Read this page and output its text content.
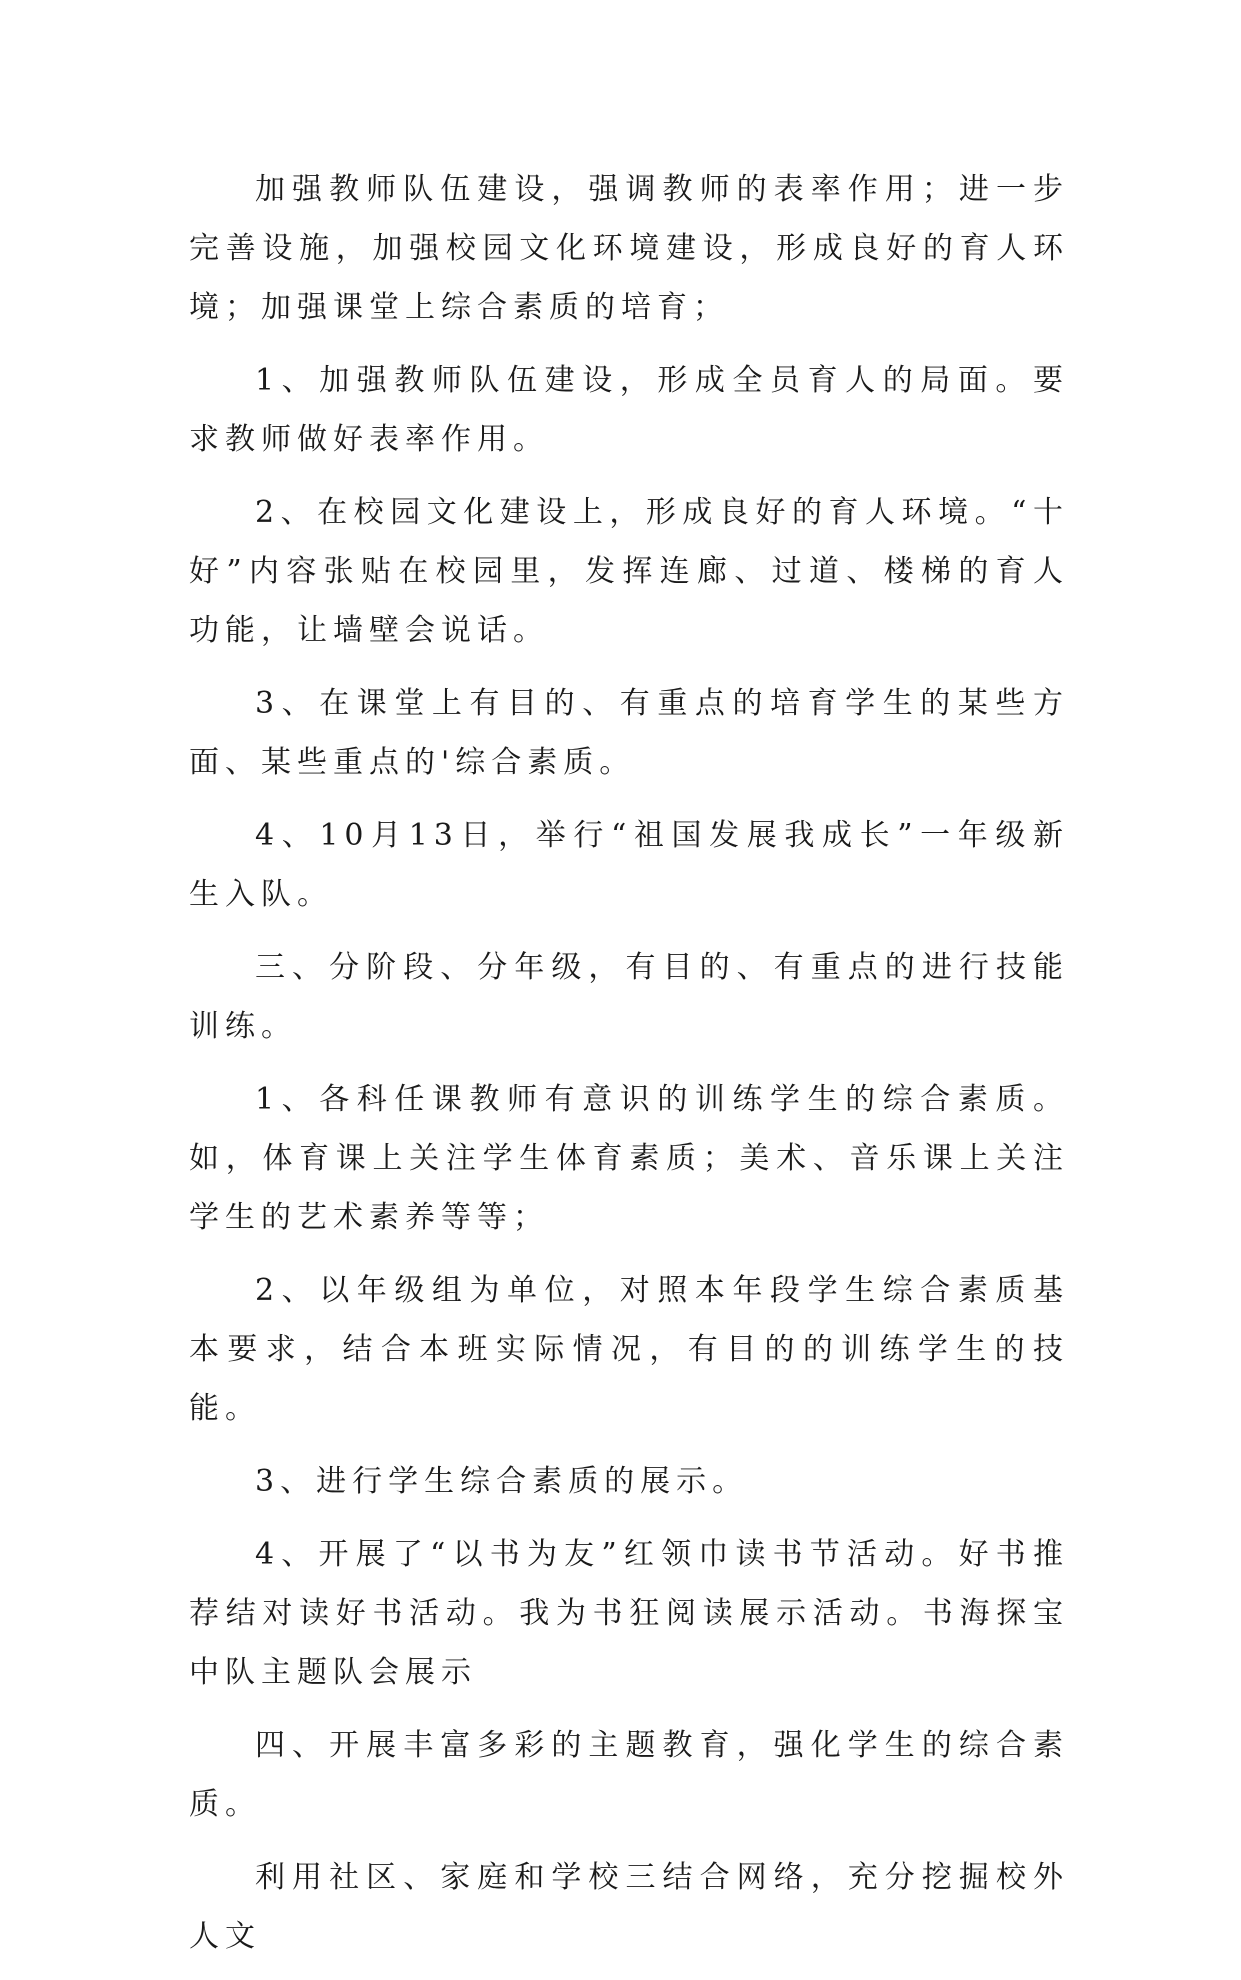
加强教师队伍建设，强调教师的表率作用；进一步完善设施，加强校园文化环境建设，形成良好的育人环境；加强课堂上综合素质的培育；

1、加强教师队伍建设，形成全员育人的局面。要求教师做好表率作用。

2、在校园文化建设上，形成良好的育人环境。“十好”内容张贴在校园里，发挥连廊、过道、楼梯的育人功能，让墙壁会说话。

3、在课堂上有目的、有重点的培育学生的某些方面、某些重点的'综合素质。

4、10月13日，举行“祖国发展我成长”一年级新生入队。

三、分阶段、分年级，有目的、有重点的进行技能训练。

1、各科任课教师有意识的训练学生的综合素质。如，体育课上关注学生体育素质；美术、音乐课上关注学生的艺术素养等等；

2、以年级组为单位，对照本年段学生综合素质基本要求，结合本班实际情况，有目的的训练学生的技能。

3、进行学生综合素质的展示。

4、开展了“以书为友”红领巾读书节活动。好书推荐结对读好书活动。我为书狂阅读展示活动。书海探宝中队主题队会展示

四、开展丰富多彩的主题教育，强化学生的综合素质。

利用社区、家庭和学校三结合网络，充分挖掘校外人文
